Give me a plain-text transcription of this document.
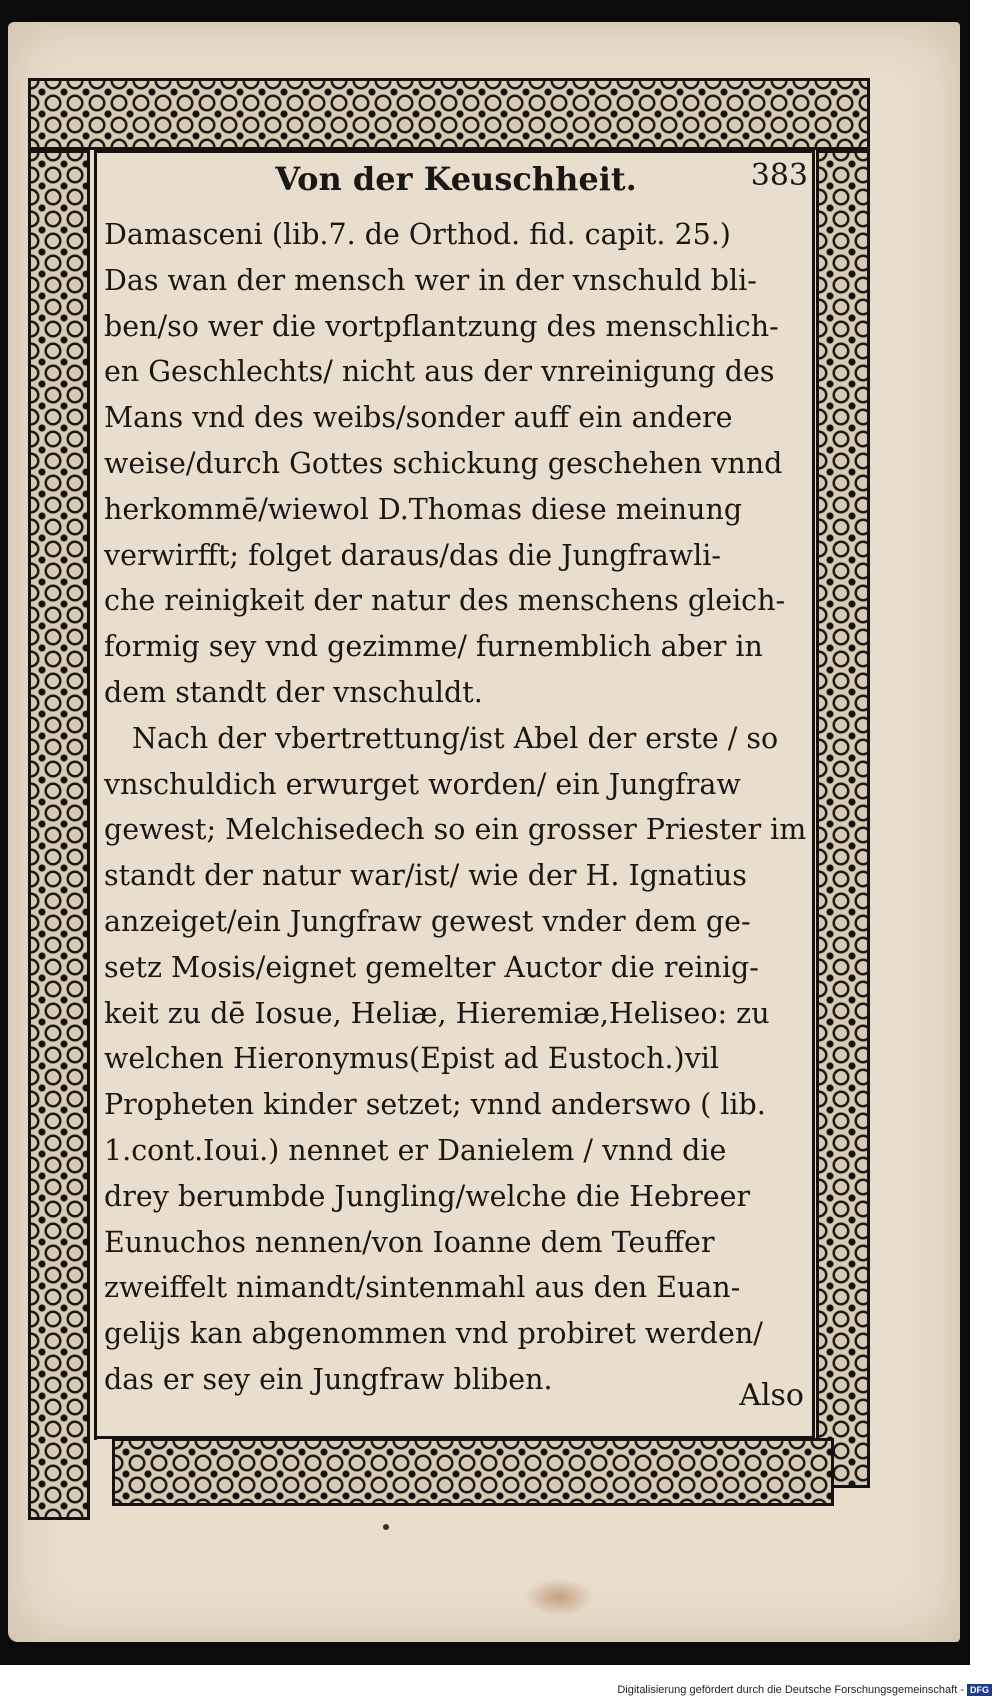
Von der Keuschheit.	383
Damasceni (lib.7. de Orthod. fid. capit. 25.)
Das wan der mensch wer in der vnschuld bli-
ben/so wer die vortpflantzung des menschlich-
en Geschlechts/ nicht aus der vnreinigung des
Mans vnd des weibs/sonder auff ein andere
weise/durch Gottes schickung geschehen vnnd
herkommē/wiewol D.Thomas diese meinung
verwirfft; folget daraus/das die Jungfrawli-
che reinigkeit der natur des menschens gleich-
formig sey vnd gezimme/ furnemblich aber in
dem standt der vnschuldt.
Nach der vbertrettung/ist Abel der erste / so
vnschuldich erwurget worden/ ein Jungfraw
gewest; Melchisedech so ein grosser Priester im
standt der natur war/ist/ wie der H. Ignatius
anzeiget/ein Jungfraw gewest vnder dem ge-
setz Mosis/eignet gemelter Auctor die reinig-
keit zu dē Iosue, Heliæ, Hieremiæ,Heliseo: zu
welchen Hieronymus(Epist ad Eustoch.)vil
Propheten kinder setzet; vnnd anderswo ( lib.
1.cont.Ioui.) nennet er Danielem / vnnd die
drey berumbde Jungling/welche die Hebreer
Eunuchos nennen/von Ioanne dem Teuffer
zweiffelt nimandt/sintenmahl aus den Euan-
gelijs kan abgenommen vnd probiret werden/
das er sey ein Jungfraw bliben.	Also
Digitalisierung gefördert durch die Deutsche Forschungsgemeinschaft - DFG
